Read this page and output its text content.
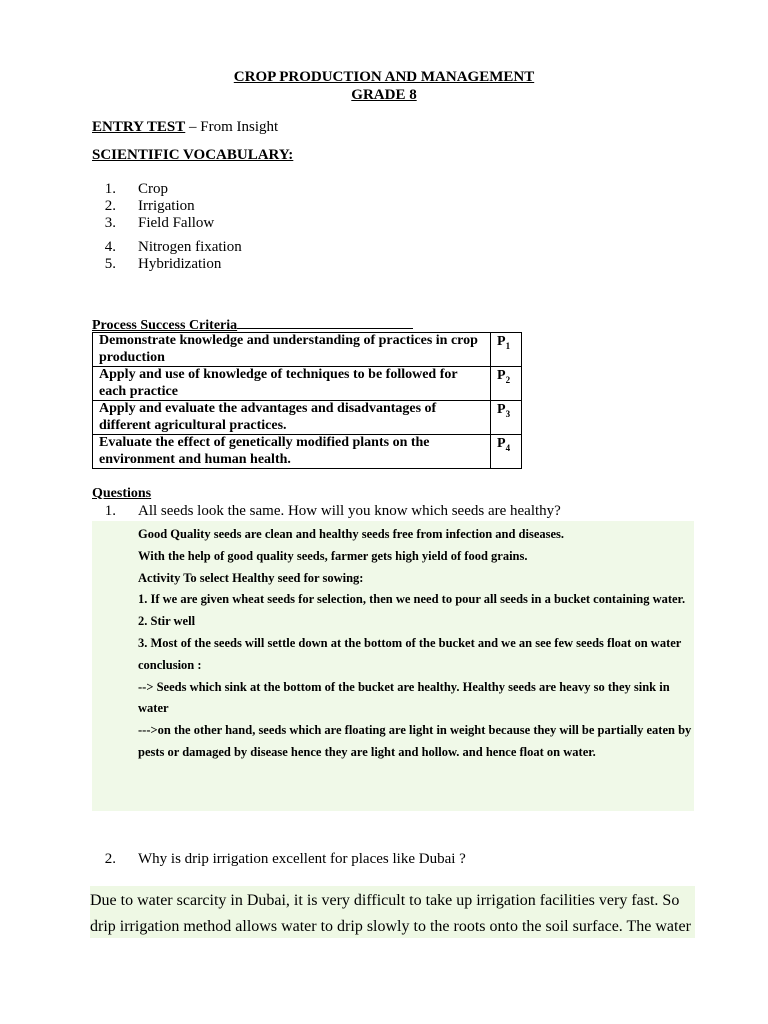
CROP PRODUCTION AND MANAGEMENT
GRADE 8
ENTRY TEST – From Insight
SCIENTIFIC VOCABULARY:
1. Crop
2. Irrigation
3. Field Fallow
4. Nitrogen fixation
5. Hybridization
Process Success Criteria
Demonstrate knowledge and understanding of practices in crop production	$P_1$
Apply and use of knowledge of techniques to be followed for each practice	$P_2$
Apply and evaluate the advantages and disadvantages of different agricultural practices.	$P_3$
Evaluate the effect of genetically modified plants on the environment and human health.	$P_4$
Questions
1. All seeds look the same. How will you know which seeds are healthy?

Good Quality seeds are clean and healthy seeds free from infection and diseases.

With the help of good quality seeds, farmer gets high yield of food grains.

Activity To select Healthy seed for sowing:

1. If we are given wheat seeds for selection, then we need to pour all seeds in a bucket containing water.

2. Stir well

3. Most of the seeds will settle down at the bottom of the bucket and we an see few seeds float on water

conclusion :

--> Seeds which sink at the bottom of the bucket are healthy. Healthy seeds are heavy so they sink in water

--->on the other hand, seeds which are floating are light in weight because they will be partially eaten by pests or damaged by disease hence they are light and hollow. and hence float on water.

2. Why is drip irrigation excellent for places like Dubai ?
Due to water scarcity in Dubai, it is very difficult to take up irrigation facilities very fast. So drip irrigation method allows water to drip slowly to the roots onto the soil surface. The water
